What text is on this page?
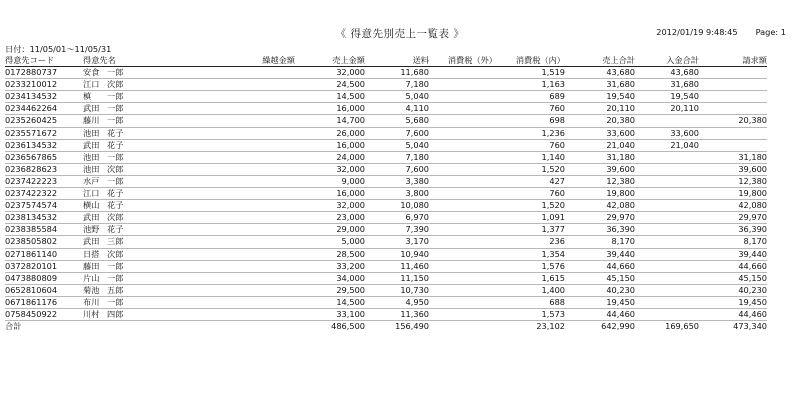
《 得意先別売上一覧表 》	2012/01/19 9:48:45 Page: 1
日付：11/05/01～11/05/31
得意先コード	得意先名	繰越金額	売上金額	送料	消費税（外）	消費税（内）	売上合計	入金合計	請求額
0172880737	安食 一郎		32,000	11,680		1,519	43,680	43,680	
0233210012	江口 次郎		24,500	7,180		1,163	31,680	31,680	
0234134532	槙 一郎		14,500	5,040		689	19,540	19,540	
0234462264	武田 一郎		16,000	4,110		760	20,110	20,110	
0235260425	藤川 一郎		14,700	5,680		698	20,380		20,380
0235571672	池田 花子		26,000	7,600		1,236	33,600	33,600	
0236134532	武田 花子		16,000	5,040		760	21,040	21,040	
0236567865	池田 一郎		24,000	7,180		1,140	31,180		31,180
0236828623	池田 次郎		32,000	7,600		1,520	39,600		39,600
0237422223	水戸 一郎		9,000	3,380		427	12,380		12,380
0237422322	江口 花子		16,000	3,800		760	19,800		19,800
0237574574	横山 花子		32,000	10,080		1,520	42,080		42,080
0238134532	武田 次郎		23,000	6,970		1,091	29,970		29,970
0238385584	池野 花子		29,000	7,390		1,377	36,390		36,390
0238505802	武田 三郎		5,000	3,170		236	8,170		8,170
0271861140	日搭 次郎		28,500	10,940		1,354	39,440		39,440
0372820101	藤田 一郎		33,200	11,460		1,576	44,660		44,660
0473880809	片山 一郎		34,000	11,150		1,615	45,150		45,150
0652810604	菊池 五郎		29,500	10,730		1,400	40,230		40,230
0671861176	布川 一郎		14,500	4,950		688	19,450		19,450
0758450922	川村 四郎		33,100	11,360		1,573	44,460		44,460
合計			486,500	156,490		23,102	642,990	169,650	473,340
